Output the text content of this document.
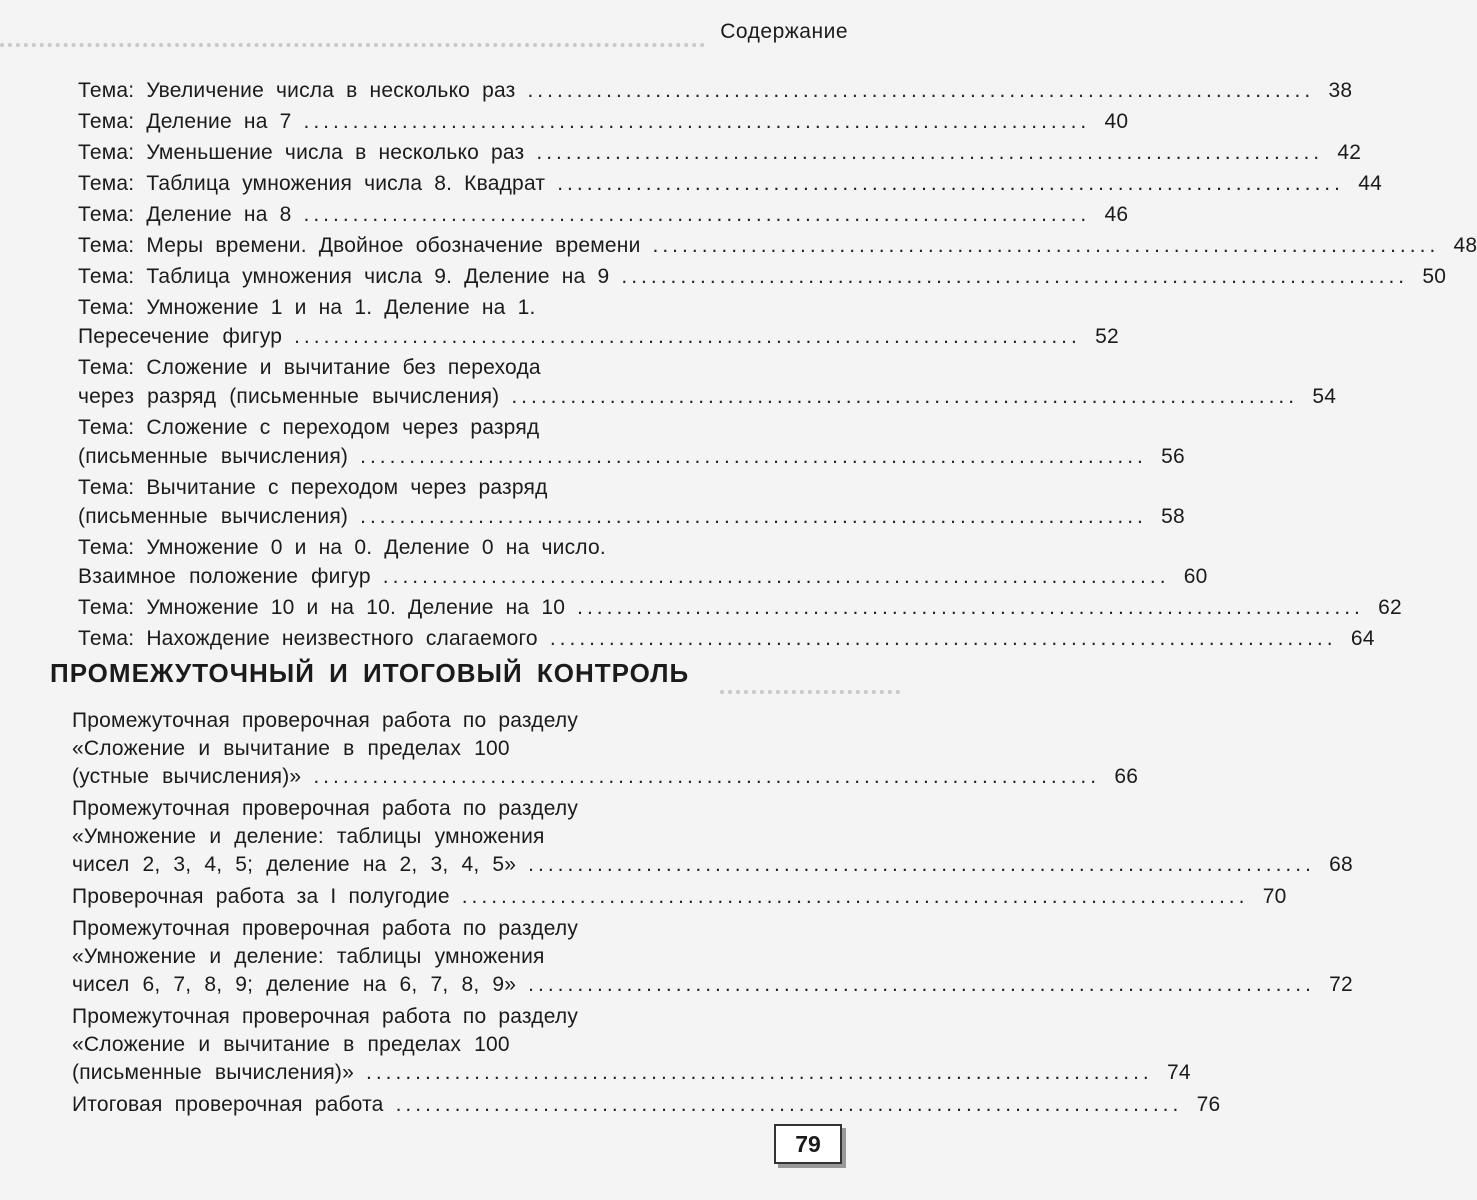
Содержание
Тема: Увеличение числа в несколько раз ................................................................................ 38
Тема: Деление на 7 ................................................................................ 40
Тема: Уменьшение числа в несколько раз ................................................................................ 42
Тема: Таблица умножения числа 8. Квадрат ................................................................................ 44
Тема: Деление на 8 ................................................................................ 46
Тема: Меры времени. Двойное обозначение времени ................................................................................ 48
Тема: Таблица умножения числа 9. Деление на 9 ................................................................................ 50
Тема: Умножение 1 и на 1. Деление на 1.
Пересечение фигур ................................................................................ 52
Тема: Сложение и вычитание без перехода
через разряд (письменные вычисления) ................................................................................ 54
Тема: Сложение с переходом через разряд
(письменные вычисления) ................................................................................ 56
Тема: Вычитание с переходом через разряд
(письменные вычисления) ................................................................................ 58
Тема: Умножение 0 и на 0. Деление 0 на число.
Взаимное положение фигур ................................................................................ 60
Тема: Умножение 10 и на 10. Деление на 10 ................................................................................ 62
Тема: Нахождение неизвестного слагаемого ................................................................................ 64
ПРОМЕЖУТОЧНЫЙ И ИТОГОВЫЙ КОНТРОЛЬ
Промежуточная проверочная работа по разделу
«Сложение и вычитание в пределах 100
(устные вычисления)» ................................................................................ 66
Промежуточная проверочная работа по разделу
«Умножение и деление: таблицы умножения
чисел 2, 3, 4, 5; деление на 2, 3, 4, 5» ................................................................................ 68
Проверочная работа за I полугодие ................................................................................ 70
Промежуточная проверочная работа по разделу
«Умножение и деление: таблицы умножения
чисел 6, 7, 8, 9; деление на 6, 7, 8, 9» ................................................................................ 72
Промежуточная проверочная работа по разделу
«Сложение и вычитание в пределах 100
(письменные вычисления)» ................................................................................ 74
Итоговая проверочная работа ................................................................................ 76
79
